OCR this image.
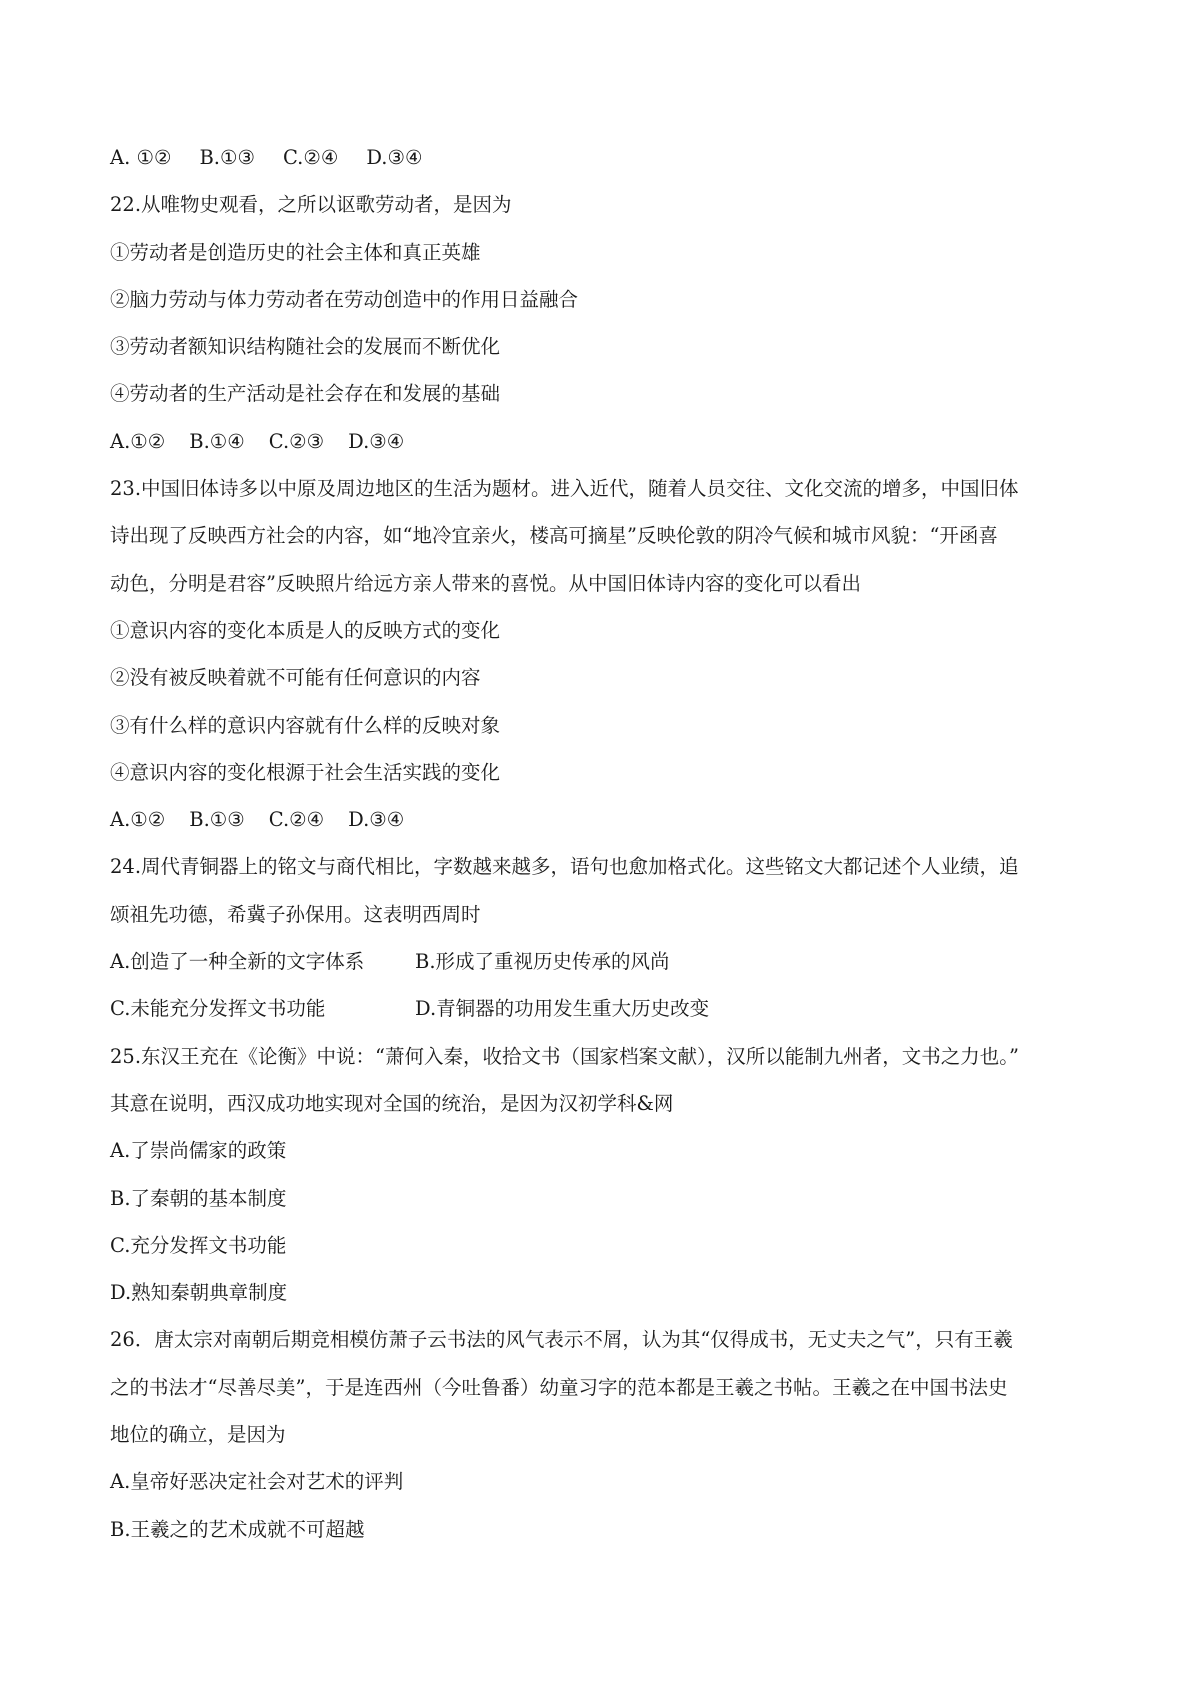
A. ①② B.①③ C.②④ D.③④
22.从唯物史观看，之所以讴歌劳动者，是因为
①劳动者是创造历史的社会主体和真正英雄
②脑力劳动与体力劳动者在劳动创造中的作用日益融合
③劳动者额知识结构随社会的发展而不断优化
④劳动者的生产活动是社会存在和发展的基础
A.①② B.①④ C.②③ D.③④
23.中国旧体诗多以中原及周边地区的生活为题材。进入近代，随着人员交往、文化交流的增多，中国旧体
诗出现了反映西方社会的内容，如“地冷宜亲火，楼高可摘星”反映伦敦的阴冷气候和城市风貌：“开函喜
动色，分明是君容”反映照片给远方亲人带来的喜悦。从中国旧体诗内容的变化可以看出
①意识内容的变化本质是人的反映方式的变化
②没有被反映着就不可能有任何意识的内容
③有什么样的意识内容就有什么样的反映对象
④意识内容的变化根源于社会生活实践的变化
A.①② B.①③ C.②④ D.③④
24.周代青铜器上的铭文与商代相比，字数越来越多，语句也愈加格式化。这些铭文大都记述个人业绩，追
颂祖先功德，希冀子孙保用。这表明西周时
A.创造了一种全新的文字体系	B.形成了重视历史传承的风尚
C.未能充分发挥文书功能	D.青铜器的功用发生重大历史改变
25.东汉王充在《论衡》中说：“萧何入秦，收拾文书（国家档案文献），汉所以能制九州者，文书之力也。”
其意在说明，西汉成功地实现对全国的统治，是因为汉初学科&网
A.了崇尚儒家的政策
B.了秦朝的基本制度
C.充分发挥文书功能
D.熟知秦朝典章制度
26．唐太宗对南朝后期竞相模仿萧子云书法的风气表示不屑，认为其“仅得成书，无丈夫之气”，只有王羲
之的书法才“尽善尽美”，于是连西州（今吐鲁番）幼童习字的范本都是王羲之书帖。王羲之在中国书法史
地位的确立，是因为
A.皇帝好恶决定社会对艺术的评判
B.王羲之的艺术成就不可超越
